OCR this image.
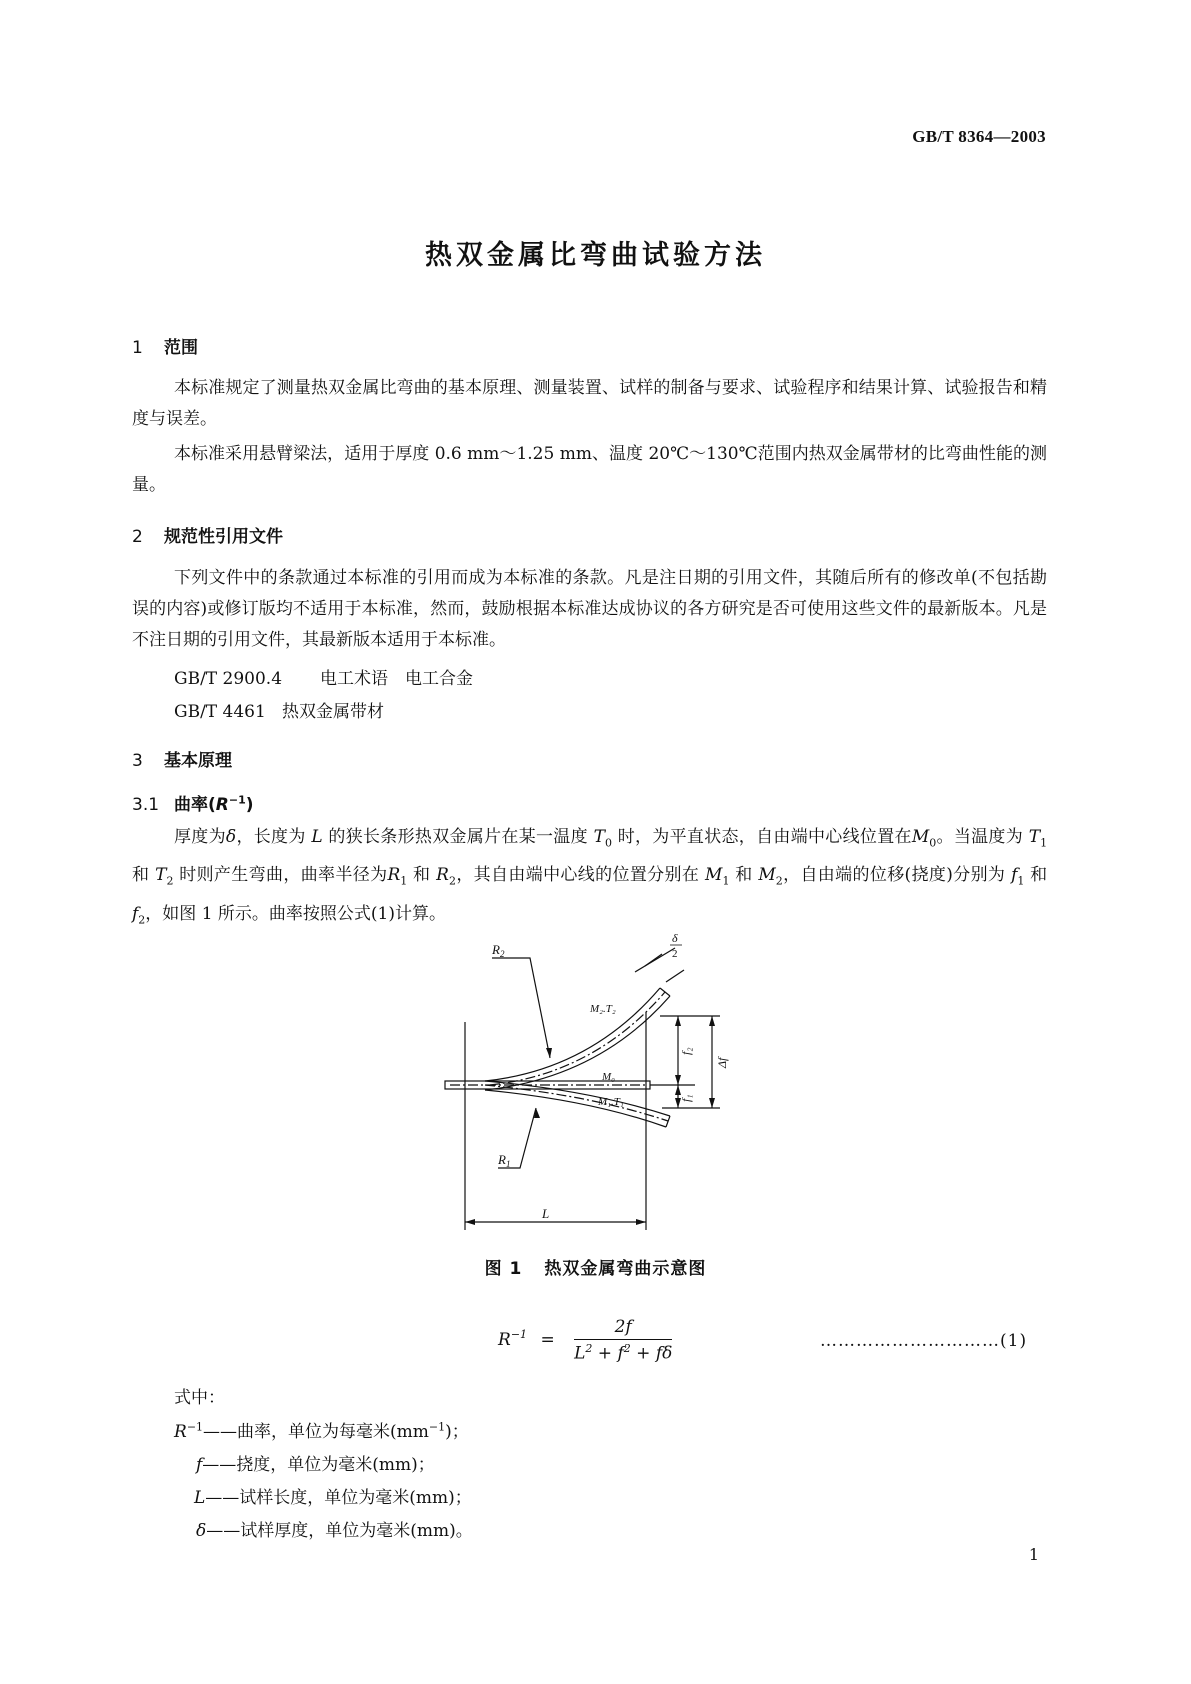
GB/T 8364—2003
热双金属比弯曲试验方法
1 范围
本标准规定了测量热双金属比弯曲的基本原理、测量装置、试样的制备与要求、试验程序和结果计算、试验报告和精度与误差。
本标准采用悬臂梁法，适用于厚度 0.6 mm～1.25 mm、温度 20℃～130℃范围内热双金属带材的比弯曲性能的测量。
2 规范性引用文件
下列文件中的条款通过本标准的引用而成为本标准的条款。凡是注日期的引用文件，其随后所有的修改单(不包括勘误的内容)或修订版均不适用于本标准，然而，鼓励根据本标准达成协议的各方研究是否可使用这些文件的最新版本。凡是不注日期的引用文件，其最新版本适用于本标准。
GB/T 2900.4 电工术语　电工合金
GB/T 4461 热双金属带材
3 基本原理
3.1 曲率$(R^{-1})$
厚度为δ，长度为 L 的狭长条形热双金属片在某一温度 $T_0$ 时，为平直状态，自由端中心线位置在$M_0$。当温度为 $T_1$ 和 $T_2$ 时则产生弯曲，曲率半径为$R_1$ 和 $R_2$，其自由端中心线的位置分别在 $M_1$ 和 $M_2$，自由端的位移(挠度)分别为 $f_1$ 和 $f_2$，如图 1 所示。曲率按照公式(1)计算。
$R_2$
$R_1$
M₂.T₂
M₀
M₁.T₁
f₂
f₁
Δf
L
δ
2
图 1 热双金属弯曲示意图
$R^{-1} = \frac{2f}{L^2 + f^2 + f\delta}$	…………………………(1)
式中：
$R^{-1}——$曲率，单位为每毫米$(mm^{-1})$；
f——挠度，单位为毫米(mm)；
L——试样长度，单位为毫米(mm)；
δ——试样厚度，单位为毫米(mm)。
1
